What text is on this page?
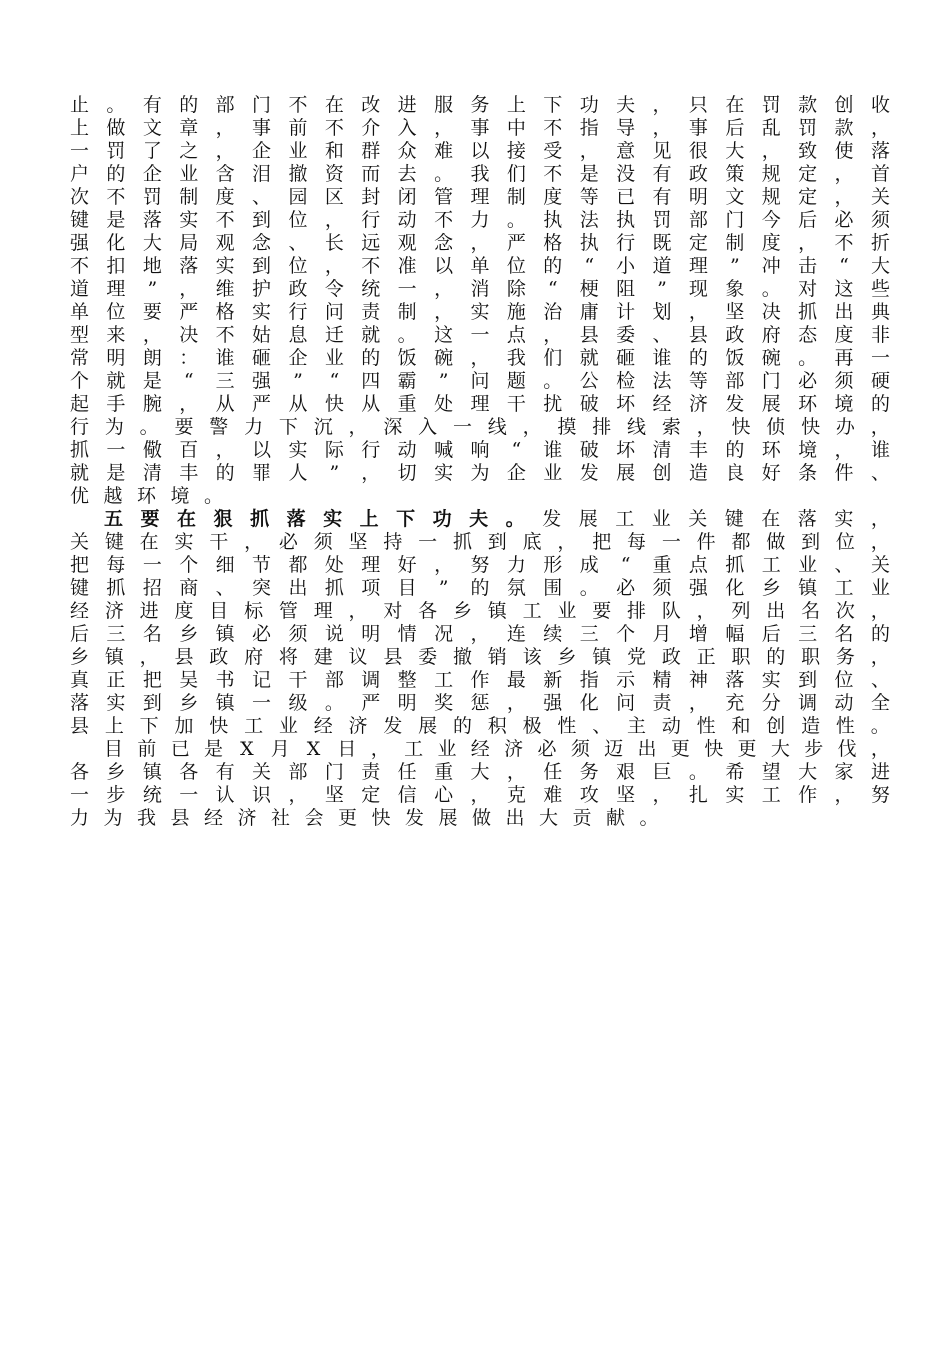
止 。 有 的 部 门 不 在 改 进 服 务 上 下 功 夫 ， 只 在 罚 款 创 收
上 做 文 章 ， 事 前 不 介 入 ， 事 中 不 指 导 ， 事 后 乱 罚 款 ，
一 罚 了 之 ， 企 业 和 群 众 难 以 接 受 ， 意 见 很 大 ， 致 使 落
户 的 企 业 含 泪 撤 资 而 去 。 我 们 不 是 没 有 政 策 规 定 ， 首
次 不 罚 制 度 、 园 区 封 闭 管 理 制 度 等 已 有 明 文 规 定 ， 关
键 是 落 实 不 到 位 ， 行 动 不 力 。 执 法 执 罚 部 门 今 后 必 须
强 化 大 局 观 念 、 长 远 观 念 ， 严 格 执 行 既 定 制 度 ， 不 折
不 扣 地 落 实 到 位 ， 不 准 以 单 位 的 “ 小 道 理 ” 冲 击 “ 大
道 理 ” ， 维 护 政 令 统 一 ， 消 除 “ 梗 阻 ” 现 象 。 对 这 些
单 位 要 严 格 实 行 问 责 制 ， 实 施 治 庸 计 划 ， 坚 决 抓 出 典
型 来 ， 决 不 姑 息 迁 就 。 这 一 点 ， 县 委 、 县 政 府 态 度 非
常 明 朗 ： 谁 砸 企 业 的 饭 碗 ， 我 们 就 砸 谁 的 饭 碗 。 再 一
个 就 是 “ 三 强 ” “ 四 霸 ” 问 题 。 公 检 法 等 部 门 必 须 硬
起 手 腕 ， 从 严 从 快 从 重 处 理 干 扰 破 坏 经 济 发 展 环 境 的
行 为 。 要 警 力 下 沉 ， 深 入 一 线 ， 摸 排 线 索 ， 快 侦 快 办 ，
抓 一 儆 百 ， 以 实 际 行 动 喊 响 “ 谁 破 坏 清 丰 的 环 境 ， 谁
就 是 清 丰 的 罪 人 ” ， 切 实 为 企 业 发 展 创 造 良 好 条 件 、
优 越 环 境 。
五 要 在 狠 抓 落 实 上 下 功 夫 。 发 展 工 业 关 键 在 落 实 ，
关 键 在 实 干 ， 必 须 坚 持 一 抓 到 底 ， 把 每 一 件 都 做 到 位 ，
把 每 一 个 细 节 都 处 理 好 ， 努 力 形 成 “ 重 点 抓 工 业 、 关
键 抓 招 商 、 突 出 抓 项 目 ” 的 氛 围 。 必 须 强 化 乡 镇 工 业
经 济 进 度 目 标 管 理 ， 对 各 乡 镇 工 业 要 排 队 ， 列 出 名 次 ，
后 三 名 乡 镇 必 须 说 明 情 况 ， 连 续 三 个 月 增 幅 后 三 名 的
乡 镇 ， 县 政 府 将 建 议 县 委 撤 销 该 乡 镇 党 政 正 职 的 职 务 ，
真 正 把 吴 书 记 干 部 调 整 工 作 最 新 指 示 精 神 落 实 到 位 、
落 实 到 乡 镇 一 级 。 严 明 奖 惩 ， 强 化 问 责 ， 充 分 调 动 全
县 上 下 加 快 工 业 经 济 发 展 的 积 极 性 、 主 动 性 和 创 造 性 。
目 前 已 是 X 月 X 日 ， 工 业 经 济 必 须 迈 出 更 快 更 大 步 伐 ，
各 乡 镇 各 有 关 部 门 责 任 重 大 ， 任 务 艰 巨 。 希 望 大 家 进
一 步 统 一 认 识 ， 坚 定 信 心 ， 克 难 攻 坚 ， 扎 实 工 作 ， 努
力 为 我 县 经 济 社 会 更 快 发 展 做 出 大 贡 献 。
